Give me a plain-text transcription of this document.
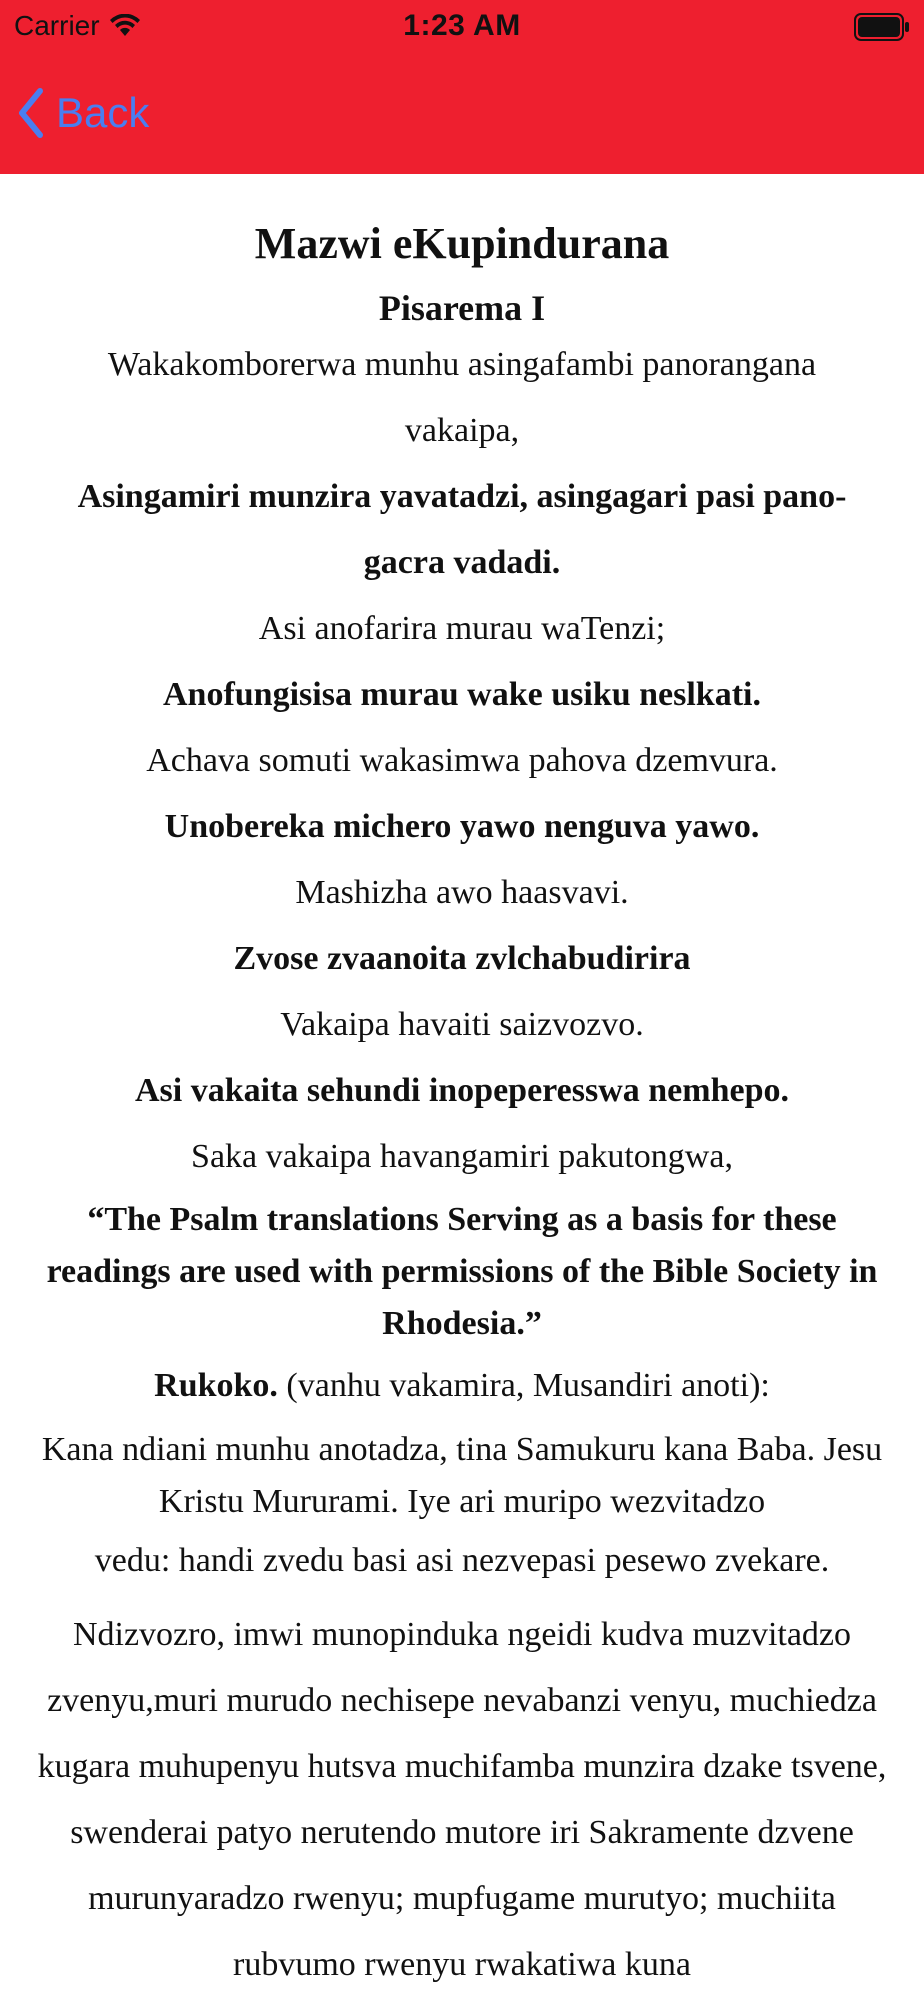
Carrier	1:23 AM
Back
Mazwi eKupindurana
Pisarema I

Wakakomborerwa munhu asingafambi panorangana

vakaipa,

Asingamiri munzira yavatadzi, asingagari pasi pano-

gacra vadadi.

Asi anofarira murau waTenzi;

Anofungisisa murau wake usiku neslkati.

Achava somuti wakasimwa pahova dzemvura.

Unobereka michero yawo nenguva yawo.

Mashizha awo haasvavi.

Zvose zvaanoita zvlchabudirira

Vakaipa havaiti saizvozvo.

Asi vakaita sehundi inopeperesswa nemhepo.

Saka vakaipa havangamiri pakutongwa,

“The Psalm translations Serving as a basis for these readings are used with permissions of the Bible Society in Rhodesia.”
Rukoko. (vanhu vakamira, Musandiri anoti):
Kana ndiani munhu anotadza, tina Samukuru kana Baba. Jesu Kristu Mururami. Iye ari muripo wezvitadzo
vedu: handi zvedu basi asi nezvepasi pesewo zvekare.
Ndizvozro, imwi munopinduka ngeidi kudva muzvitadzo zvenyu,muri murudo nechisepe nevabanzi venyu, muchiedza kugara muhupenyu hutsva muchifamba munzira dzake tsvene, swenderai patyo nerutendo mutore iri Sakramente dzvene murunyaradzo rwenyu; mupfugame murutyo; muchiita rubvumo rwenyu rwakatiwa kuna
